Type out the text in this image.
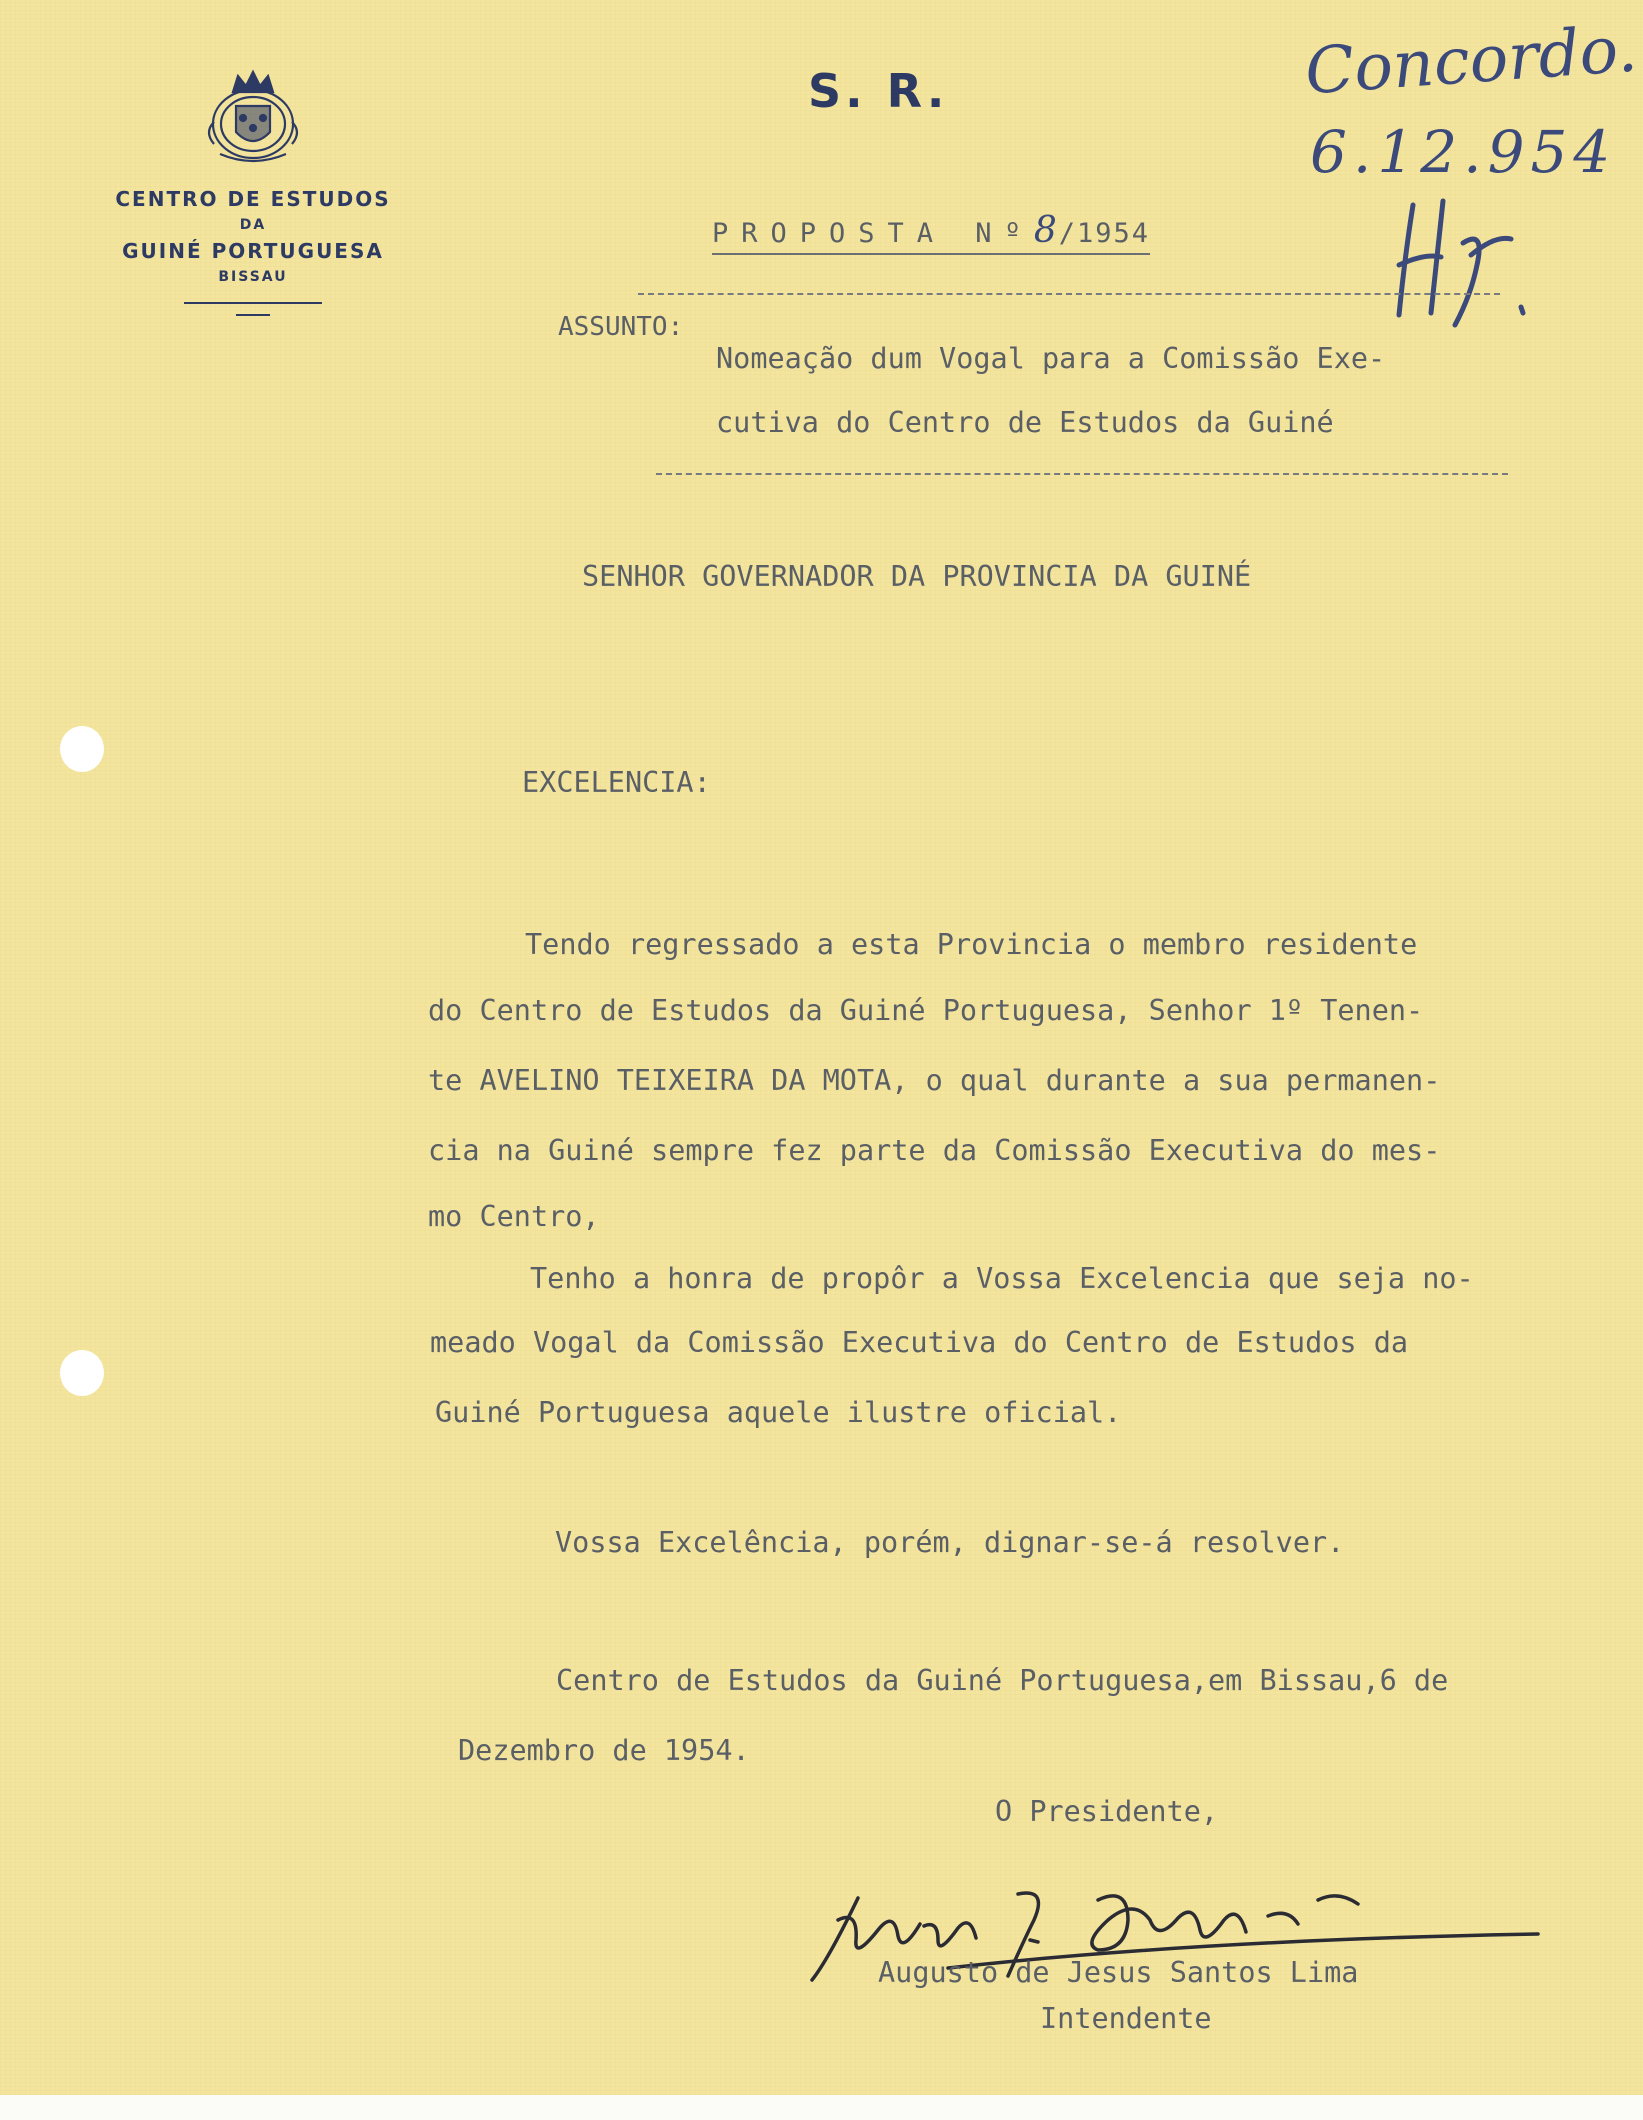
CENTRO DE ESTUDOS
DA
GUINÉ PORTUGUESA
BISSAU
S. R.	Concordo.
6.12.954
PROPOSTA Nº8/1954
ASSUNTO:
Nomeação dum Vogal para a Comissão Exe-
cutiva do Centro de Estudos da Guiné
SENHOR GOVERNADOR DA PROVINCIA DA GUINÉ
EXCELENCIA:
Tendo regressado a esta Provincia o membro residente
do Centro de Estudos da Guiné Portuguesa, Senhor 1º Tenen-
te AVELINO TEIXEIRA DA MOTA, o qual durante a sua permanen-
cia na Guiné sempre fez parte da Comissão Executiva do mes-
mo Centro,
Tenho a honra de propôr a Vossa Excelencia que seja no-
meado Vogal da Comissão Executiva do Centro de Estudos da
Guiné Portuguesa aquele ilustre oficial.
Vossa Excelência, porém, dignar-se-á resolver.
Centro de Estudos da Guiné Portuguesa,em Bissau,6 de
Dezembro de 1954.
O Presidente,
Augusto de Jesus Santos Lima
Intendente
